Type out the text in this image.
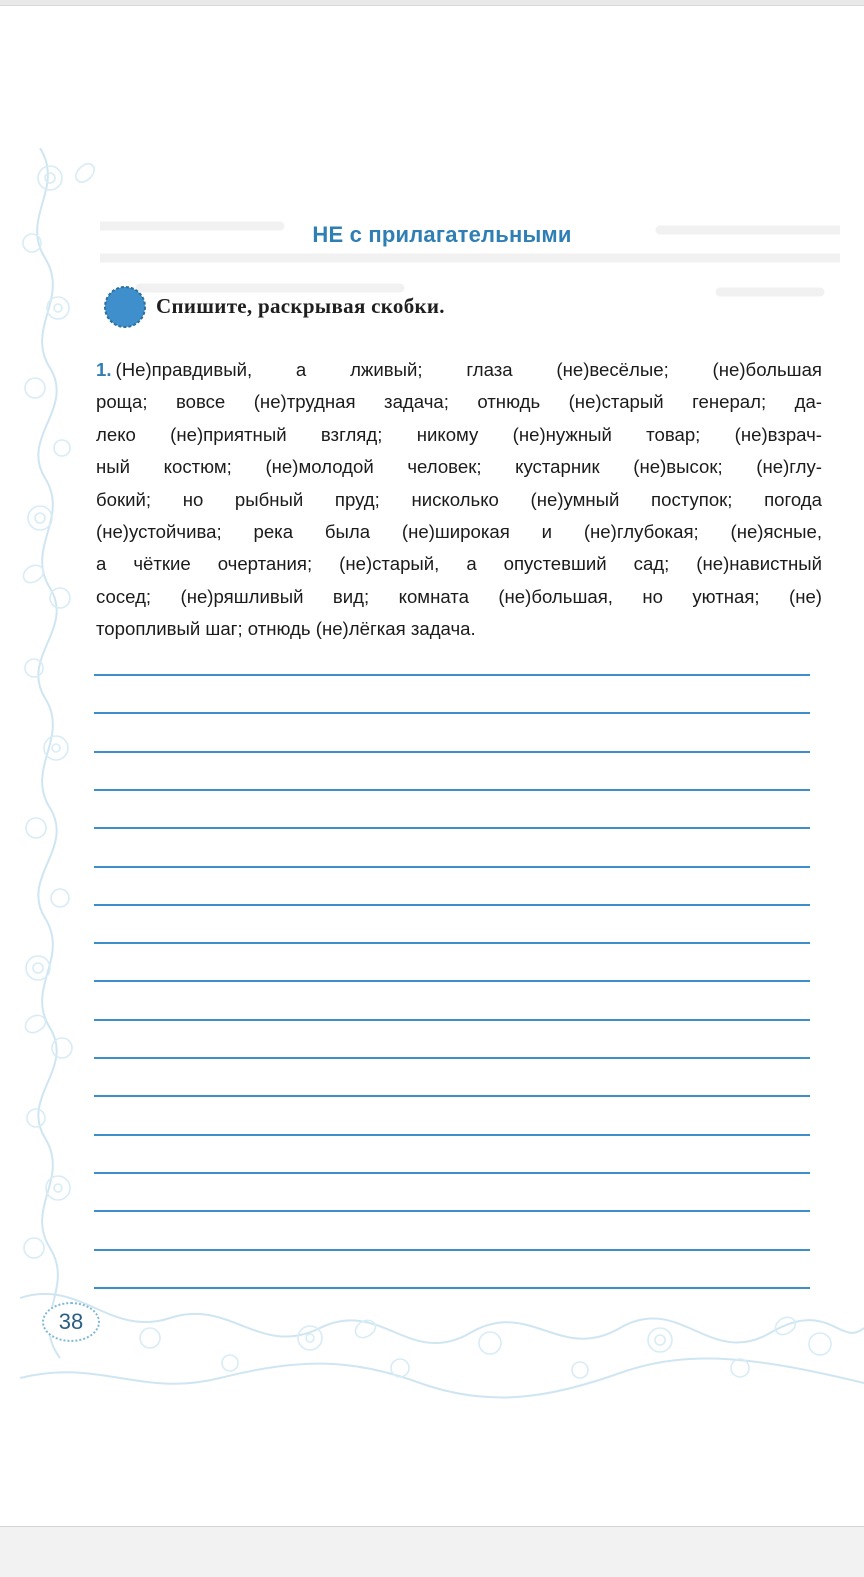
НЕ с прилагательными
Спишите, раскрывая скобки.
1. (Не)правдивый, а лживый; глаза (не)весёлые; (не)большая
роща; вовсе (не)трудная задача; отнюдь (не)старый генерал; да-
леко (не)приятный взгляд; никому (не)нужный товар; (не)взрач-
ный костюм; (не)молодой человек; кустарник (не)высок; (не)глу-
бокий; но рыбный пруд; нисколько (не)умный поступок; погода
(не)устойчива; река была (не)широкая и (не)глубокая; (не)ясные,
а чёткие очертания; (не)старый, а опустевший сад; (не)навистный
сосед; (не)ряшливый вид; комната (не)большая, но уютная; (не)
торопливый шаг; отнюдь (не)лёгкая задача.
38
